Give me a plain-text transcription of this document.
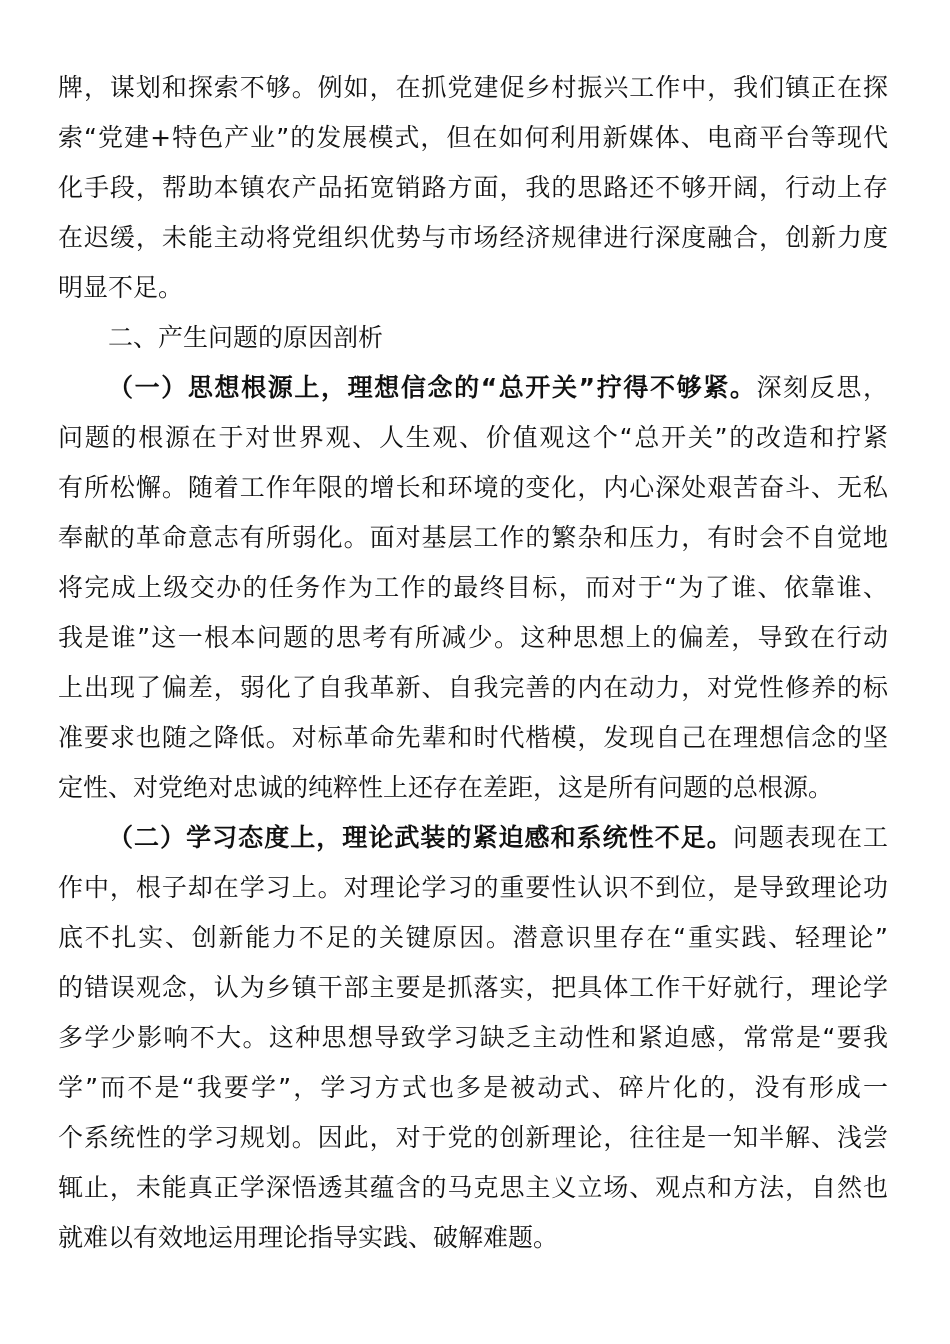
牌，谋划和探索不够。例如，在抓党建促乡村振兴工作中，我们镇正在探
索“党建+特色产业”的发展模式，但在如何利用新媒体、电商平台等现代
化手段，帮助本镇农产品拓宽销路方面，我的思路还不够开阔，行动上存
在迟缓，未能主动将党组织优势与市场经济规律进行深度融合，创新力度
明显不足。
二、产生问题的原因剖析
（一）思想根源上，理想信念的“总开关”拧得不够紧。深刻反思，
问题的根源在于对世界观、人生观、价值观这个“总开关”的改造和拧紧
有所松懈。随着工作年限的增长和环境的变化，内心深处艰苦奋斗、无私
奉献的革命意志有所弱化。面对基层工作的繁杂和压力，有时会不自觉地
将完成上级交办的任务作为工作的最终目标，而对于“为了谁、依靠谁、
我是谁”这一根本问题的思考有所减少。这种思想上的偏差，导致在行动
上出现了偏差，弱化了自我革新、自我完善的内在动力，对党性修养的标
准要求也随之降低。对标革命先辈和时代楷模，发现自己在理想信念的坚
定性、对党绝对忠诚的纯粹性上还存在差距，这是所有问题的总根源。
（二）学习态度上，理论武装的紧迫感和系统性不足。问题表现在工
作中，根子却在学习上。对理论学习的重要性认识不到位，是导致理论功
底不扎实、创新能力不足的关键原因。潜意识里存在“重实践、轻理论”
的错误观念，认为乡镇干部主要是抓落实，把具体工作干好就行，理论学
多学少影响不大。这种思想导致学习缺乏主动性和紧迫感，常常是“要我
学”而不是“我要学”，学习方式也多是被动式、碎片化的，没有形成一
个系统性的学习规划。因此，对于党的创新理论，往往是一知半解、浅尝
辄止，未能真正学深悟透其蕴含的马克思主义立场、观点和方法，自然也
就难以有效地运用理论指导实践、破解难题。
